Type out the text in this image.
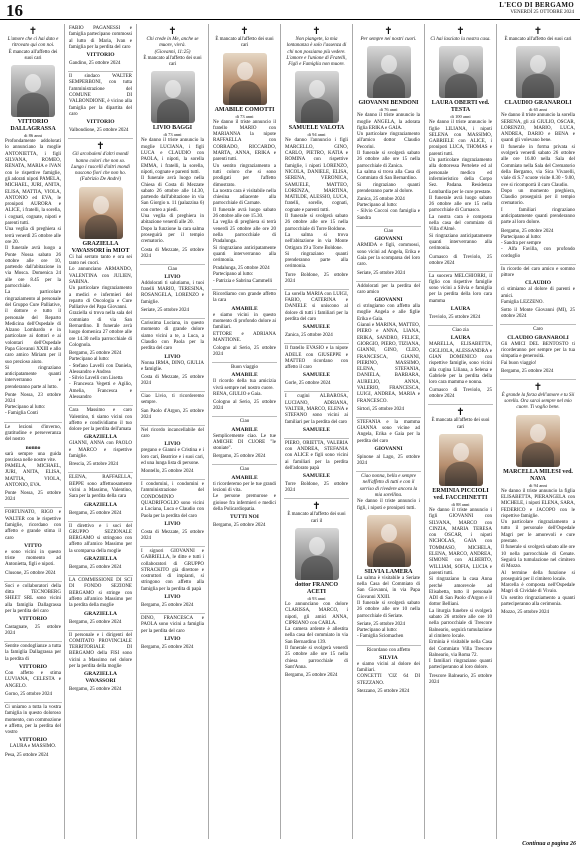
16	L'ECO DI BERGAMO
VENERDÌ 25 OTTOBRE 2024
✝
L'amore che ci hai dato e ritrovato qui con noi.
È mancato all'affetto dei suoi cari
VITTORIO DALLAGRASSA
di 86 anni
Profondamente addolorati lo annunciano la moglie ANTONIETTA, i figli SILVANA, ROMEO, RENATA, MARIA e IVAN con le rispettive famiglie, gli adorati nipoti PAMELA, MICHAEL, JURI, ANITA, ELISA, MATTIA, VIOLA, ANTONIO ed EVA, le pronipoti AURORA e ALICE, i fratelli, la sorella, i cognati, cognate, nipoti e parenti tutti.
Una veglia di preghiera si terrà venerdì 25 ottobre alle ore 20.
Il funerale avrà luogo a Ponte Nossa sabato 26 ottobre alle ore 10, partendo dall'abitazione in via Mosca. Domenica 24 alle ore 8.45 per la parrocchiale.
La particolare ringraziamento al personale del Gruppo Cure Palliative, il dottore e tutto il personale del Reparto Medicina dell'Ospedale di Alzano Lombardo e in particolare ai dottori e ai volontari dell'Ospedale Papa Giovanni XXIII e allo caro amico Miriam per il suo prezioso aiuto.
Si ringraziano anticipatamente quanti interverranno e prenderanno parte al lutto.
Ponte Nossa, 23 ottobre 2024
Partecipano al lutto:
- Famiglia Conti
Le lezioni d'inverno, gratitudine e perseveranza del nostro
nonno
sarà sempre una guida preziosa nelle nostre vite.
PAMELA, MICHAEL, JURI, ANITA, ELISA, MATTIA, VIOLA, ANTONIO, EVA.
Ponte Nossa, 25 ottobre 2024
FORTUNATO, RIGO e WALTER con le rispettive famiglie, ricordano con affetto e grande stima il caro
VITTO
e sono vicini in questo triste momento ad Antonietta, figli e nipoti.
Clusone, 25 ottobre 2024
Soci e collaboratori della ditta TECNOBERG SHEET SRL sono vicini alla famiglia Dallagrassa per la perdita del caro
VITTORIO
Castagnate, 25 ottobre 2024
Sentite condoglianze a tutta la famiglia Dallagrassa per la perdita di
VITTORIO
Con affetto e stima LUVIANA, CELESTA e ANGELO.
Gorno, 25 ottobre 2024
Ci uniamo a tutta la vostra famiglia in questo doloroso momento, con commozione e affetto, per la perdita del vostro
VITTORIO
LAURA e MASSIMO.
Pesa, 25 ottobre 2024
FABIO PAGANESSI e famiglia partecipano commossi al lutto di Maria, Ivan e famiglia per la perdita del caro
VITTORIO
Gandino, 25 ottobre 2024
Il sindaco WALTER SEMPERBONI, con tutta l'amministrazione del COMUNE DI VALBONDIONE, è vicino alla famiglia per la dipartita del caro
VITTORIO
Valbondione, 25 ottobre 2024
✝
Gli arcobaleni d'altri mondi hanno colori che non so. Lungo i ruscelli d'altri mondi nascono fiori che non ho.
(Fabrizio De André)
GRAZIELLA VAVASSORI in MIOT
Ci hai serrato tanto e ora sei tanto nei cuori.
Lo annunciano ARMANDO, VALENTINA con JULIEN, SABINA.
Un particolare ringraziamento a medici e infermieri del reparto di Oncologia e Cure Palliative del Papa Giovanni.
Graziella si trova nella sala del commiato di via San Bernardino. Il funerale avrà luogo domenica 27 ottobre alle ore 14.30 nella parrocchiale di Colognola.
Bergamo, 25 ottobre 2024
Partecipano al lutto:
- Stefano Lavelli con Daniela, Alessandro e Andrea
- Silvio Lavelli con Lisetta
- Francesca Vegetti e Agilio, Amelia, Francesca e Alessandro
Cara Massimo e caro Valentino, ti siamo vicini con affetto e condividiamo il tuo dolore per la perdita dell'amata
GRAZIELLA
GIANNI, ANNA con PAOLO e MARCO e rispettive famiglie.
Brescia, 25 ottobre 2024
ELENA, RAFFAELLA, BEPPE sono affettuosamente vicini a Massimo, Valentino, Sara per la perdita della cara
GRAZIELLA
Bergamo, 25 ottobre 2024
Il direttivo e i soci del GRUPPO SEZIONALE BERGAMO si stringono con affetto all'amico Massimo per la scomparsa della moglie
GRAZIELLA
Bergamo, 25 ottobre 2024
LA COMMISSIONE DI SCI DI FONDO SEZIONE BERGAMO si stringe con affetto all'amico Massimo per la perdita della moglie
GRAZIELLA
Bergamo, 25 ottobre 2024
Il personale e i dirigenti del COMITATO PROVINCIALE TERRITORIALE DI BERGAMO della FISI sono vicini a Massimo nel dolore per la perdita della moglie
GRAZIELLA VAVASSORI
Bergamo, 25 ottobre 2024
✝
Chi crede in Me, anche se muore, vivrà.
(Giovanni, 11:25)
È mancato all'affetto dei suoi cari
LIVIO BAGGI
di 73 anni
Ne danno il triste annuncio la moglie LUCIANA, i figli LUCA e CLAUDIO con PAOLA, i nipoti, la sorella EMMA, i fratelli, la sorella, nipoti, cognate e parenti tutti.
Il funerale avrà luogo nella Chiesa di Costa di Mezzate sabato 26 ottobre alle 14.30, partendo dall'abitazione in via San Giorgio n. 11 (palazzina 6) con corteo a piedi.
Una veglia di preghiera in abitazione venerdì alle 20.
Dopo la funzione la cara salma proseguirà per il tempio crematorio.
Costa di Mezzate, 25 ottobre 2024
Ciao
LIVIO
Addolorati ti salutiamo, i tuoi fratelli MARIO, TERESINA, ROSANGELA, LORENZO e famiglie.
Seriate, 25 ottobre 2024
Carissima Luciana, in questo momento di grande dolore siamo vicini a te, a Luca, a Claudio con Paola per la perdita del caro
LIVIO
Nonna IRMA, DINO, GIULIA e famiglie.
Costa di Mezzate, 25 ottobre 2024
Ciao Livio, ti ricorderemo sempre.
San Paolo d'Argon, 25 ottobre 2024
Nel ricordo incancellabile del caro
LIVIO
pregano e Gianni e Cristina e i loro cari, Beatrice e i suoi cari, ed una lunga lista di persone.
Montello, 25 ottobre 2024
I condomini, i condomini e l'amministrazione del CONDOMINIO QUADRIFOGLIO sono vicini a Luciana, Luca e Claudio con Paola per la perdita del caro
LIVIO
Costa di Mezzate, 25 ottobre 2024
I signori GIOVANNI e GABRIELLA, le ditte e tutti i collaboratori di GRUPPO STRACKITO già direttore e costruttori di impianti, si stringono con affetto alla famiglia per la perdita di papà
LIVIO
Bergamo, 25 ottobre 2024
DINO, FRANCESCA e PAOLA sono vicini a famiglia per la perdita del caro
LIVIO
Bergamo, 25 ottobre 2024
✝
È mancato all'affetto dei suoi cari
AMABILE COMOTTI
di 73 anni
Ne danno il triste annuncio il fratello MARIO con MARIANNA la nipote RAFFAELLA con CORRADO, RICCARDO, MARTA, ANNA, ERIKA e parenti tutti.
Un sentito ringraziamento a tutti coloro che si sono prodigati per l'affetto dimostrato.
La nostra cara è visitabile nella chiesina adiacente alla parrocchiale di Carnate.
Il funerale avrà luogo sabato 26 ottobre alle ore 15.30.
La veglia di preghiera si terrà venerdì 25 ottobre alle ore 20 nella parrocchiale di Pradalunga.
Si ringraziano anticipatamente quanti interverranno alla cerimonia.
Pradalunga, 25 ottobre 2024
Partecipano al lutto:
- Patrizia e Sabrina Cammelli
Ricordiamo con grande affetto la cara
AMABILE
e siamo vicini in questo momento di profondo dolore ai familiari.
ETTORE e ADRIANA MANTIONE.
Cologno al Serio, 25 ottobre 2024
Buon viaggio
AMABILE
Il ricordo della tua amicizia vivrà sempre nel nostro cuore.
RENA, GIULIO e Gaia.
Cologno al Serio, 25 ottobre 2024
Ciao
AMABILE
Semplicemente ciao. Le tue AMICHE DI CUORE "le stoniate".
Bergamo, 25 ottobre 2024
Ciao
AMABILE
ti ricorderemo per le tue grandi lezioni di vita.
Le persone premurose e gioiose fra infermieri e medici della Policardiopatia.
TUTTI NOI
Bergamo, 25 ottobre 2024
✝
Non piangete, la mia lontananza è solo l'assenza di chi non possiamo più vedere. L'amore e l'unione di Fratelli, Figli e Famiglia non muore.
SAMUELE VALOTA
di 94 anni
Ne danno l'annuncio i figli MARCELLO, GINO, CARLO, PIETRO, KATIA e ROMINA con rispettive famiglie, i nipoti LORENZO, NICOLA, DANIELE, ELISA, SERENA, VERONICA, SAMUELE, MATTEO, LORENZA, MARTINA, MATILDE, ALESSIO, LUCA, fratelli, sorelle, cognati, cognate e parenti tutti.
Il funerale si svolgerà sabato 26 ottobre alle ore 15 nella parrocchiale di Torre Boldone.
La salma si trova nell'abitazione in via Monte Ortigara 19 a Torre Boldone.
Si ringraziano quanti prenderanno parte alla cerimonia.
Torre Boldone, 25 ottobre 2024
La sorella MARIA con LUIGI, FABIO, CATERINA e DANIELE si uniscono al dolore di tutti i familiari per la perdita del caro
SAMUELE
Zanica, 25 ottobre 2024
Il fratello EVASIO e la nipote ADELE con GIUSEPPE e MATTEO ricordano con affetto il caro
SAMUELE
Gorle, 25 ottobre 2024
I cugini ALBAROSA, LUCIANO, ADRIANA, VALTER, MARCO, ELENA e STEFANO sono vicini ai familiari per la perdita del caro
SAMUELE
PIERO, ORIETTA, VALERIA con ANDREA, STEFANIA con ALICE e figli sono vicini ai familiari per la perdita dell'adorato papà
SAMUELE
Torre Boldone, 25 ottobre 2024
✝
È mancato all'affetto dei suoi cari il
dottor FRANCO ACETI
di 93 anni
Lo annunciano con dolore CLARISSA, MARCO, i nipoti, gli amici ANNA, CIPRIANO con CARLA.
La camera ardente è allestita nella casa del commiato in via San Bernardino 139.
Il funerale si svolgerà venerdì 25 ottobre alle ore 15 nella chiesa parrocchiale di Sant'Anna.
Bergamo, 25 ottobre 2024
✝
Per sempre nei nostri cuori.
GIOVANNI BENDONI
di 76 anni
Ne danno il triste annuncio la moglie ANGELA, la adorata figlia ERIKA e GAIA.
Un particolare ringraziamento all'amico dottor Claudio Pecorini.
Il funerale si svolgerà sabato 26 ottobre alle ore 15 nella parrocchiale di Zanica.
La salma si trova alla Casa di Commiato di San Bernardino.
Si ringraziano quanti prenderanno parte al dolore.
Zanica, 25 ottobre 2024
Partecipano al lutto:
- Silvio Coccoi con famiglia e Sandra
Ciao
GIOVANNI
ARMIDA e figli, commossi, sono vicini ad Angela, Erika e Gaia per la scomparsa del loro caro.
Seriate, 25 ottobre 2024
Addolorati per la perdita del caro amico
GIOVANNI
ci stringiamo con affetto alla moglie Angela e alle figlie Erika e Gaia.
Gianni e MARINA, MATTEO, PIERO e ANNA, LIANA, ERIKA, SANDRO, FELICE, GIORGIO, PIERO, TIZIANA, GIANNI, GINO, CLEO, FRANCESCA, GIANNI, PIERINO, MASSIMO, ELENA, STEFANIA, DANIELA, BARBARA, AURELIO, ANNA, VALERIO, FRANCESCA, LUIGI, ANDREA, MARIA e FRANCESCO.
Sirtori, 25 ottobre 2024
STEFANIA e la mamma GIANNA sono vicine ad Angela, Erika e Gaia per la perdita del caro
GIOVANNI
Spinone al Lago, 25 ottobre 2024
Ciao nonna, bella e sempre nell'affetto di tutti e con il sorriso di rivedere ancora la mia sorellina.
Ne danno il triste annuncio i figli, i nipoti e pronipoti tutti.
SILVIA LAMERA
La salma è visitabile a Seriate nella Casa del Commiato di San Giovanni, in via Papa Giovanni XXIII.
Il funerale si svolgerà sabato 26 ottobre alle ore 10 nella parrocchiale di Seriate.
Seriate, 25 ottobre 2024
Partecipano al lutto:
- Famiglia Sciomachen
Ricordano con affetto
SILVIA
e siamo vicini al dolore dei familiari.
CONCETTI 'CIZ 64 DI STEZZANO.
Stezzano, 25 ottobre 2024
✝
Ci hai lasciato la nostra casa.
LAURA OBERTI ved. TESTA
di 100 anni
Ne danno il triste annuncio le figlie LILIANA, i nipoti SELENA con MASSIMO, GABRIELE con ALICE, i pronipoti LUCA, THOMAS e parenti tutti.
Un particolare ringraziamento alla dottoressa Pertelete ed al personale medico ed infermieristico della Corpo Sez. Padana. Residenza Lombardia per le cure prestate.
Il funerale avrà luogo sabato 26 ottobre alle ore 15 nella parrocchiale di Curnasco.
La nostra cara è composta nella casa del commiato di Villa d'Almè.
Si ringraziano anticipatamente quanti interverranno alla cerimonia.
Curnasco di Treviolo, 25 ottobre 2024
La suocera MELCHIORRI, il figlio con rispettive famiglie sono vicini a Silvia e famiglia per la perdita della loro cara mamma
LAURA
Treviolo, 25 ottobre 2024
Ciao zia
LAURA
MARELLA, ELISABETTA, GIGLIOLA, ALESSANDRA e GIAN DOMENICO con rispettive famiglie, sono vicini alla cugina Liliana, a Selena e Gabriele per la perdita della loro cara mamma e nonna.
Curnasco di Treviolo, 25 ottobre 2024
✝
È mancata all'affetto dei suoi cari
ERMINIA PICCIOLI ved. FACCHINETTI
di 88 anni
Ne danno il triste annuncio i figli GIOVANNI con SILVANA, MARCO con CINZIA, MARIA TERESA con OSCAR, i nipoti NICHOLAS, GAIA con TOMMASO, MICHELA, ELENA, MARCO, ANDREA, SIMONE con ALBERTO, WILLIAM, SOFIA, LUCIA e parenti tutti.
Si ringraziano la casa Anna perché amorevole ad Elisabetta, tutto il personale ADI di San Paolo d'Argon e il dottor Belliani.
La liturgia funebre si svolgerà sabato 26 ottobre alle ore 10 nella parrocchiale di Trescore Balneario, seguirà tumulazione al cimitero locale.
Erminia è visitabile nella Casa del Commiato Villa Trescore Balneario, via Roma 72.
I familiari ringraziano quanti parteciperanno al loro dolore.
Trescore Balneario, 25 ottobre 2024
✝
È mancato all'affetto dei suoi cari
CLAUDIO GRANAROLI
di 65 anni
Ne danno il triste annuncio la sorella SERENA, gli zii GIULIO, OSCAR, LORENZO, MARIO, LUCA, ANDREA, DARIO e BENA e quanti gli volevano bene.
Il funerale in forma privata si svolgerà venerdì sabato 26 ottobre alle ore 16.00 nella Sala del Commiato nella Sala del Crematorio della Bergamo, via Sica Vivarelli, viale di S.7 scuote visite 8.30 - 9.00, ove si ricomporrà il caro Claudio.
Dopo un momento preghiera, Claudio proseguirà per il tempio crematorio.
I familiari ringraziano anticipatamente quanti prenderanno parte al loro dolore.
Bergamo, 25 ottobre 2024
Partecipano al lutto:
- Sandra per sempre
- Alfa Favilla, con profondo cordoglio
In ricordo del caro amico e sommo pittore
CLAUDIO
ci stimiamo al dolore di parenti e amici.
Famiglia LEZZENO.
Sotto il Monte Giovanni (MI), 25 ottobre 2024
Caro
CLAUDIO GRANAROLI
Gli AMICI DEL BENTOSTO ti ricorderanno per sempre per la tua simpatia e generosità.
Fai buon viaggio!
Bergamo, 25 ottobre 2024
✝
È grande la forza dell'amore e tu Sii sorella. Ora sarai sempre nel mio cuore. Ti voglio bene.
MARCELLA MILESI ved. NAVA
di 94 anni
Ne danno il triste annuncio la figlia ELISABETTA, PIERANGELA con MICHELE, i nipoti ELENA, SARA, FEDERICO e JACOPO con le rispettive famiglie.
Un particolare ringraziamento a tutto il personale dell'Ospedale Magri per le amorevoli e cure prestate.
Il funerale si svolgerà sabato alle ore 10 nella parrocchiale di Cenate. Seguirà la tumulazione nel cimitero di Mozzo.
Al termine della funzione si proseguirà per il cimitero locale.
Marcella è composta nell'Ospedale Magri di Cividale di Vivaio.
Un sentito ringraziamento a quanti parteciperanno alla cerimonia.
Mozzo, 25 ottobre 2024
Continua a pagina 26
